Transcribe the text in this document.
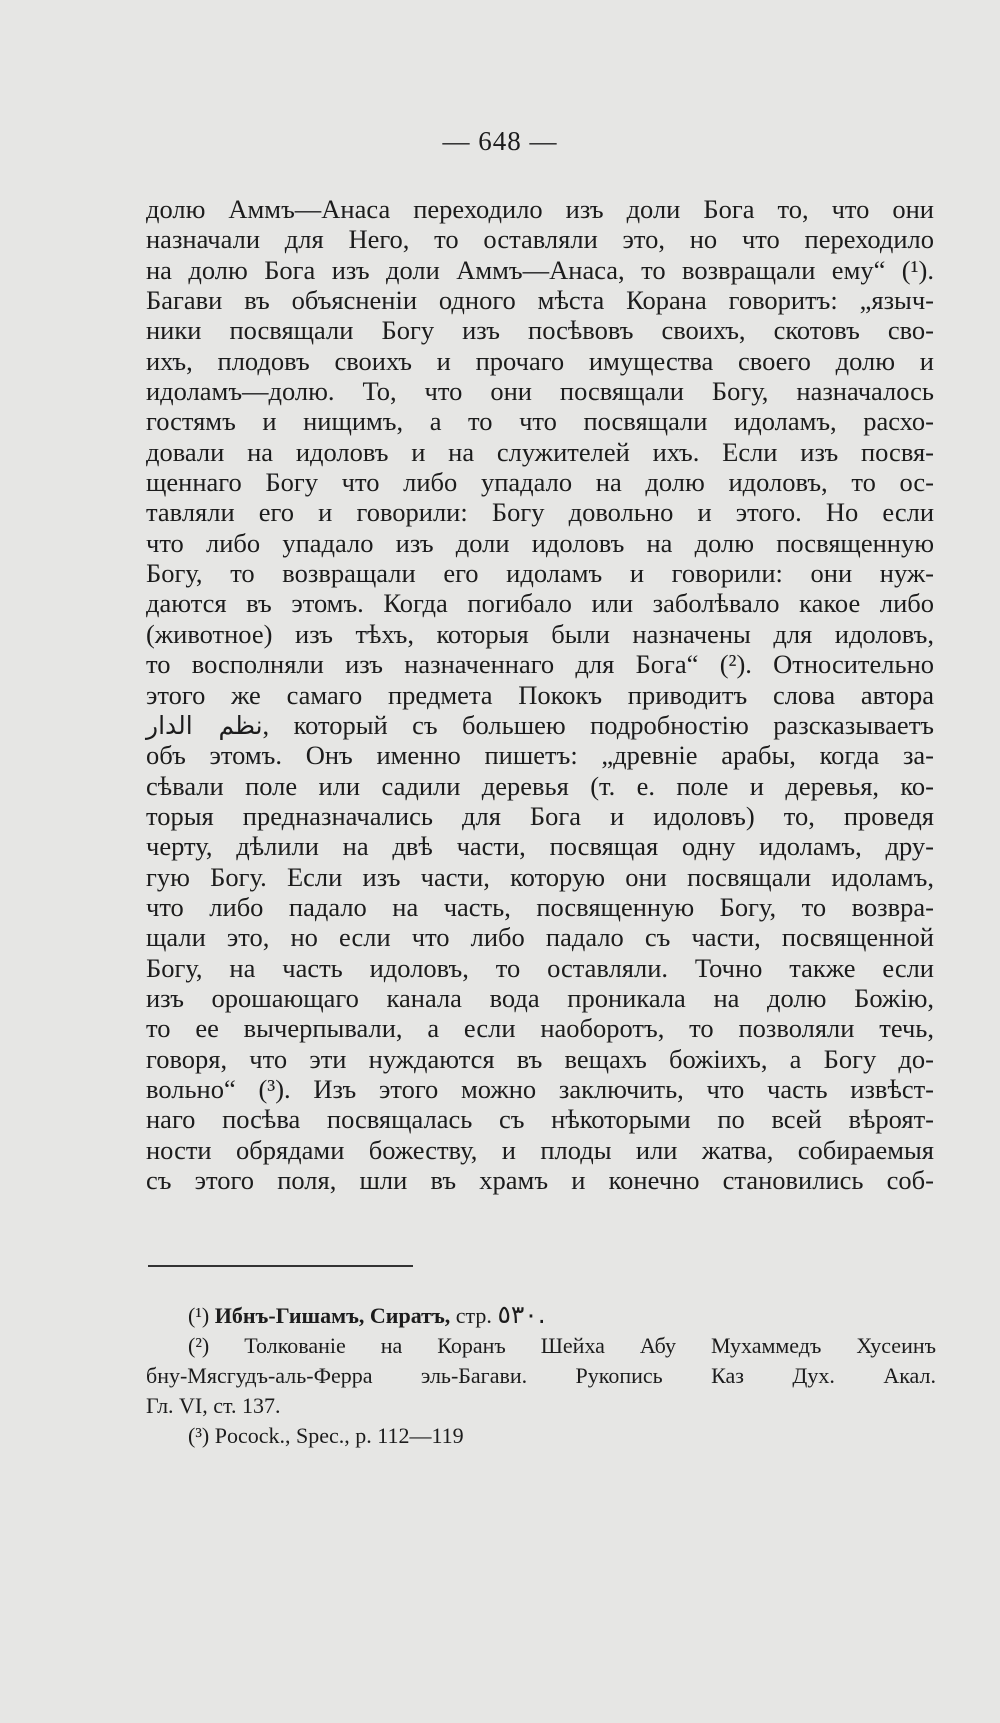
— 648 —
долю Аммъ—Анаса переходило изъ доли Бога то, что они
назначали для Него, то оставляли это, но что переходило
на долю Бога изъ доли Аммъ—Анаса, то возвращали ему“ (¹).
Багави въ объясненіи одного мѣста Корана говоритъ: „языч-
ники посвящали Богу изъ посѣвовъ своихъ, скотовъ сво-
ихъ, плодовъ своихъ и прочаго имущества своего долю и
идоламъ—долю. То, что они посвящали Богу, назначалось
гостямъ и нищимъ, а то что посвящали идоламъ, расхо-
довали на идоловъ и на служителей ихъ. Если изъ посвя-
щеннаго Богу что либо упадало на долю идоловъ, то ос-
тавляли его и говорили: Богу довольно и этого. Но если
что либо упадало изъ доли идоловъ на долю посвященную
Богу, то возвращали его идоламъ и говорили: они нуж-
даются въ этомъ. Когда погибало или заболѣвало какое либо
(животное) изъ тѣхъ, которыя были назначены для идоловъ,
то восполняли изъ назначеннаго для Бога“ (²). Относительно
этого же самаго предмета Пококъ приводитъ слова автора
نظم الدار, который съ большею подробностію разсказываетъ
объ этомъ. Онъ именно пишетъ: „древніе арабы, когда за-
сѣвали поле или садили деревья (т. е. поле и деревья, ко-
торыя предназначались для Бога и идоловъ) то, проведя
черту, дѣлили на двѣ части, посвящая одну идоламъ, дру-
гую Богу. Если изъ части, которую они посвящали идоламъ,
что либо падало на часть, посвященную Богу, то возвра-
щали это, но если что либо падало съ части, посвященной
Богу, на часть идоловъ, то оставляли. Точно также если
изъ орошающаго канала вода проникала на долю Божію,
то ее вычерпывали, а если наоборотъ, то позволяли течь,
говоря, что эти нуждаются въ вещахъ божіихъ, а Богу до-
вольно“ (³). Изъ этого можно заключить, что часть извѣст-
наго посѣва посвящалась съ нѣкоторыми по всей вѣроят-
ности обрядами божеству, и плоды или жатва, собираемыя
съ этого поля, шли въ храмъ и конечно становились соб-
(¹) Ибнъ-Гишамъ, Сиратъ, стр. ٥٣٠.
(²) Толкованіе на Коранъ Шейха Абу Мухаммедъ Хусеинъ
бну-Мясгудъ-аль-Ферра эль-Багави. Рукопись Каз Дух. Акал.
Гл. VI, ст. 137.
(³) Pocock., Spec., p. 112—119
